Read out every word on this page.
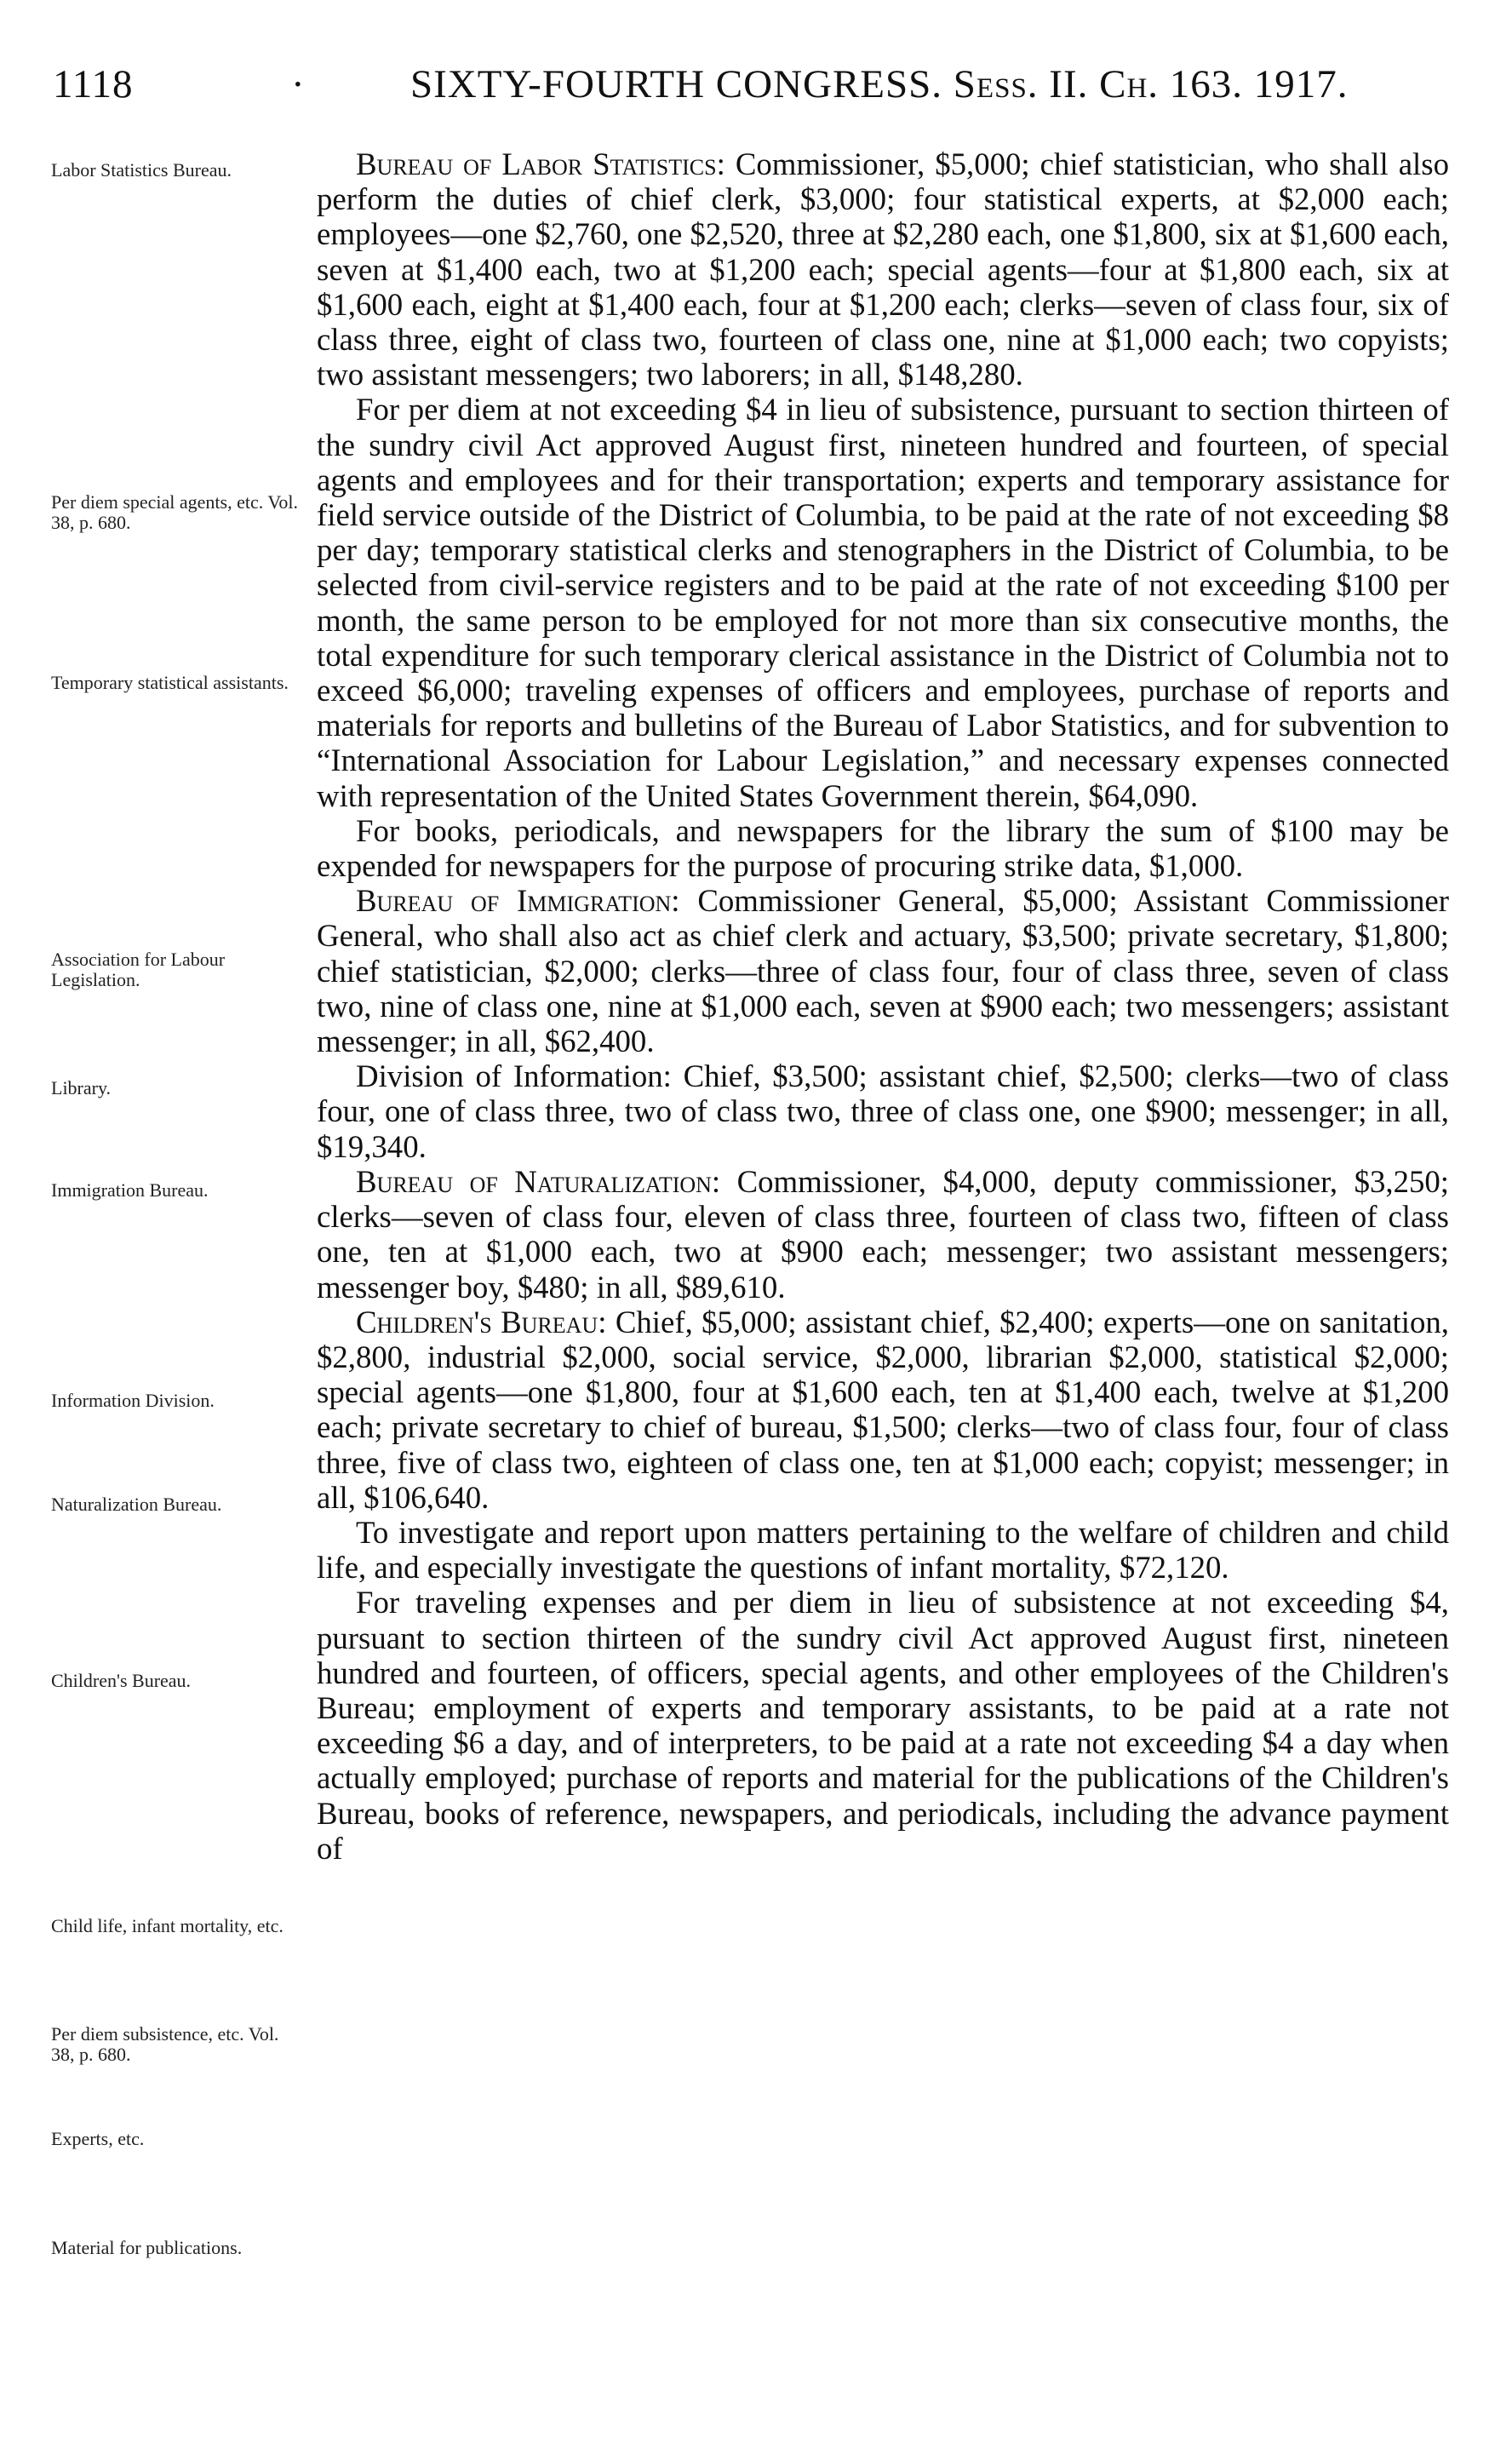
1118	·	SIXTY-FOURTH CONGRESS. Sess. II. Ch. 163. 1917.
Labor Statistics Bureau.
Per diem special agents, etc. Vol. 38, p. 680.
Temporary statistical assistants.
Association for Labour Legislation.
Library.
Immigration Bureau.
Information Division.
Naturalization Bureau.
Children's Bureau.
Child life, infant mortality, etc.
Per diem subsistence, etc. Vol. 38, p. 680.
Experts, etc.
Material for publications.

Bureau of Labor Statistics: Commissioner, $5,000; chief statistician, who shall also perform the duties of chief clerk, $3,000; four statistical experts, at $2,000 each; employees—one $2,760, one $2,520, three at $2,280 each, one $1,800, six at $1,600 each, seven at $1,400 each, two at $1,200 each; special agents—four at $1,800 each, six at $1,600 each, eight at $1,400 each, four at $1,200 each; clerks—seven of class four, six of class three, eight of class two, fourteen of class one, nine at $1,000 each; two copyists; two assistant messengers; two laborers; in all, $148,280.

For per diem at not exceeding $4 in lieu of subsistence, pursuant to section thirteen of the sundry civil Act approved August first, nineteen hundred and fourteen, of special agents and employees and for their transportation; experts and temporary assistance for field service outside of the District of Columbia, to be paid at the rate of not exceeding $8 per day; temporary statistical clerks and stenographers in the District of Columbia, to be selected from civil-service registers and to be paid at the rate of not exceeding $100 per month, the same person to be employed for not more than six consecutive months, the total expenditure for such temporary clerical assistance in the District of Columbia not to exceed $6,000; traveling expenses of officers and employees, purchase of reports and materials for reports and bulletins of the Bureau of Labor Statistics, and for subvention to “International Association for Labour Legislation,” and necessary expenses connected with representation of the United States Government therein, $64,090.

For books, periodicals, and newspapers for the library the sum of $100 may be expended for newspapers for the purpose of procuring strike data, $1,000.

Bureau of Immigration: Commissioner General, $5,000; Assistant Commissioner General, who shall also act as chief clerk and actuary, $3,500; private secretary, $1,800; chief statistician, $2,000; clerks—three of class four, four of class three, seven of class two, nine of class one, nine at $1,000 each, seven at $900 each; two messengers; assistant messenger; in all, $62,400.

Division of Information: Chief, $3,500; assistant chief, $2,500; clerks—two of class four, one of class three, two of class two, three of class one, one $900; messenger; in all, $19,340.

Bureau of Naturalization: Commissioner, $4,000, deputy commissioner, $3,250; clerks—seven of class four, eleven of class three, fourteen of class two, fifteen of class one, ten at $1,000 each, two at $900 each; messenger; two assistant messengers; messenger boy, $480; in all, $89,610.

Children's Bureau: Chief, $5,000; assistant chief, $2,400; experts—one on sanitation, $2,800, industrial $2,000, social service, $2,000, librarian $2,000, statistical $2,000; special agents—one $1,800, four at $1,600 each, ten at $1,400 each, twelve at $1,200 each; private secretary to chief of bureau, $1,500; clerks—two of class four, four of class three, five of class two, eighteen of class one, ten at $1,000 each; copyist; messenger; in all, $106,640.

To investigate and report upon matters pertaining to the welfare of children and child life, and especially investigate the questions of infant mortality, $72,120.

For traveling expenses and per diem in lieu of subsistence at not exceeding $4, pursuant to section thirteen of the sundry civil Act approved August first, nineteen hundred and fourteen, of officers, special agents, and other employees of the Children's Bureau; employment of experts and temporary assistants, to be paid at a rate not exceeding $6 a day, and of interpreters, to be paid at a rate not exceeding $4 a day when actually employed; purchase of reports and material for the publications of the Children's Bureau, books of reference, newspapers, and periodicals, including the advance payment of
